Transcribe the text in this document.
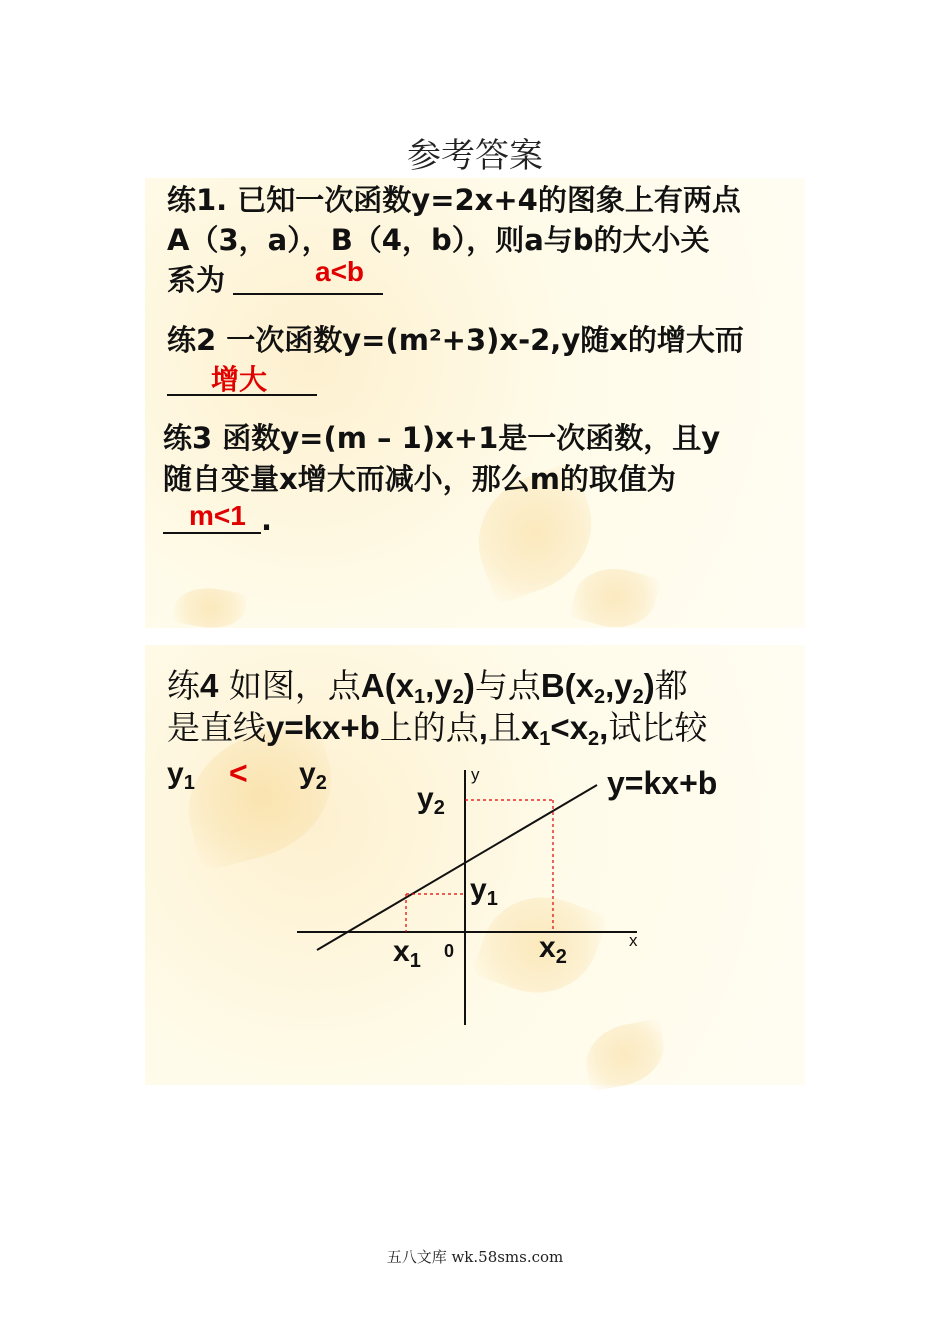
参考答案
练1. 已知一次函数y=2x+4的图象上有两点
A（3，a），B（4，b），则a与b的大小关
系为	a<b
练2 一次函数y=(m²+3)x-2,y随x的增大而
增大
练3 函数y=(m – 1)x+1是一次函数，且y
随自变量x增大而减小，那么m的取值为
m<1 .
练4 如图，点$A(x_1,y_2)$与点$B(x_2,y_2)$都
是直线y=kx+b上的点,且$x_1<x_2$,试比较
$y_1 < y_2$	y
x
0
y=kx+b
$y_2$
$y_1$
$x_1$	$x_2$
五八文库 wk.58sms.com
